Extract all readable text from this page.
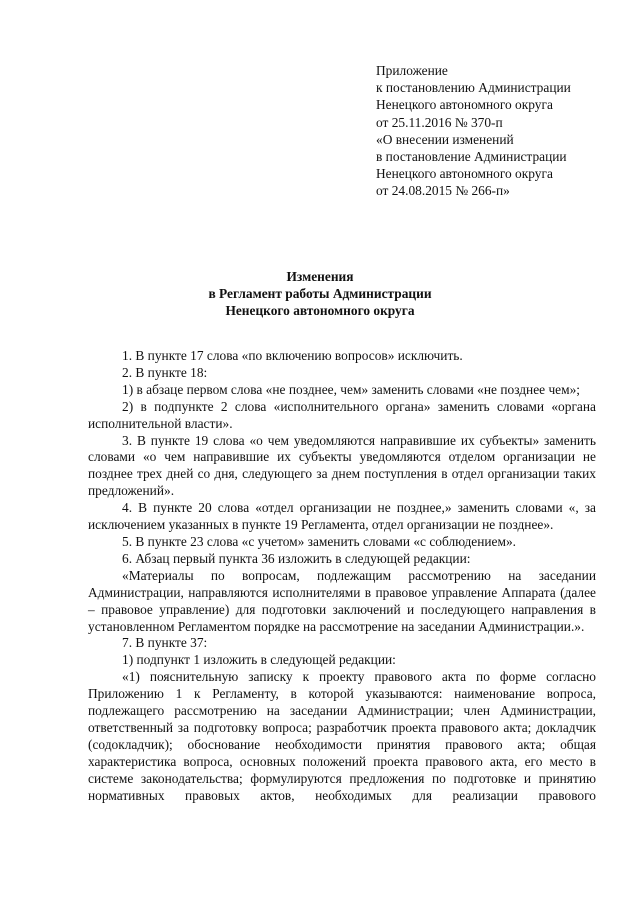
Приложение
к постановлению Администрации
Ненецкого автономного округа
от 25.11.2016 № 370-п
«О внесении изменений
в постановление Администрации
Ненецкого автономного округа
от 24.08.2015 № 266-п»
Изменения
в Регламент работы Администрации
Ненецкого автономного округа

1. В пункте 17 слова «по включению вопросов» исключить.

2. В пункте 18:

1) в абзаце первом слова «не позднее, чем» заменить словами «не позднее чем»;

2) в подпункте 2 слова «исполнительного органа» заменить словами «органа исполнительной власти».

3. В пункте 19 слова «о чем уведомляются направившие их субъекты» заменить словами «о чем направившие их субъекты уведомляются отделом организации не позднее трех дней со дня, следующего за днем поступления в отдел организации таких предложений».

4. В пункте 20 слова «отдел организации не позднее,» заменить словами «, за исключением указанных в пункте 19 Регламента, отдел организации не позднее».

5. В пункте 23 слова «с учетом» заменить словами «с соблюдением».

6. Абзац первый пункта 36 изложить в следующей редакции:

«Материалы по вопросам, подлежащим рассмотрению на заседании Администрации, направляются исполнителями в правовое управление Аппарата (далее – правовое управление) для подготовки заключений и последующего направления в установленном Регламентом порядке на рассмотрение на заседании Администрации.».

7. В пункте 37:

1) подпункт 1 изложить в следующей редакции:

«1) пояснительную записку к проекту правового акта по форме согласно Приложению 1 к Регламенту, в которой указываются: наименование вопроса, подлежащего рассмотрению на заседании Администрации; член Администрации, ответственный за подготовку вопроса; разработчик проекта правового акта; докладчик (содокладчик); обоснование необходимости принятия правового акта; общая характеристика вопроса, основных положений проекта правового акта, его место в системе законодательства; формулируются предложения по подготовке и принятию нормативных правовых актов, необходимых для реализации правового
